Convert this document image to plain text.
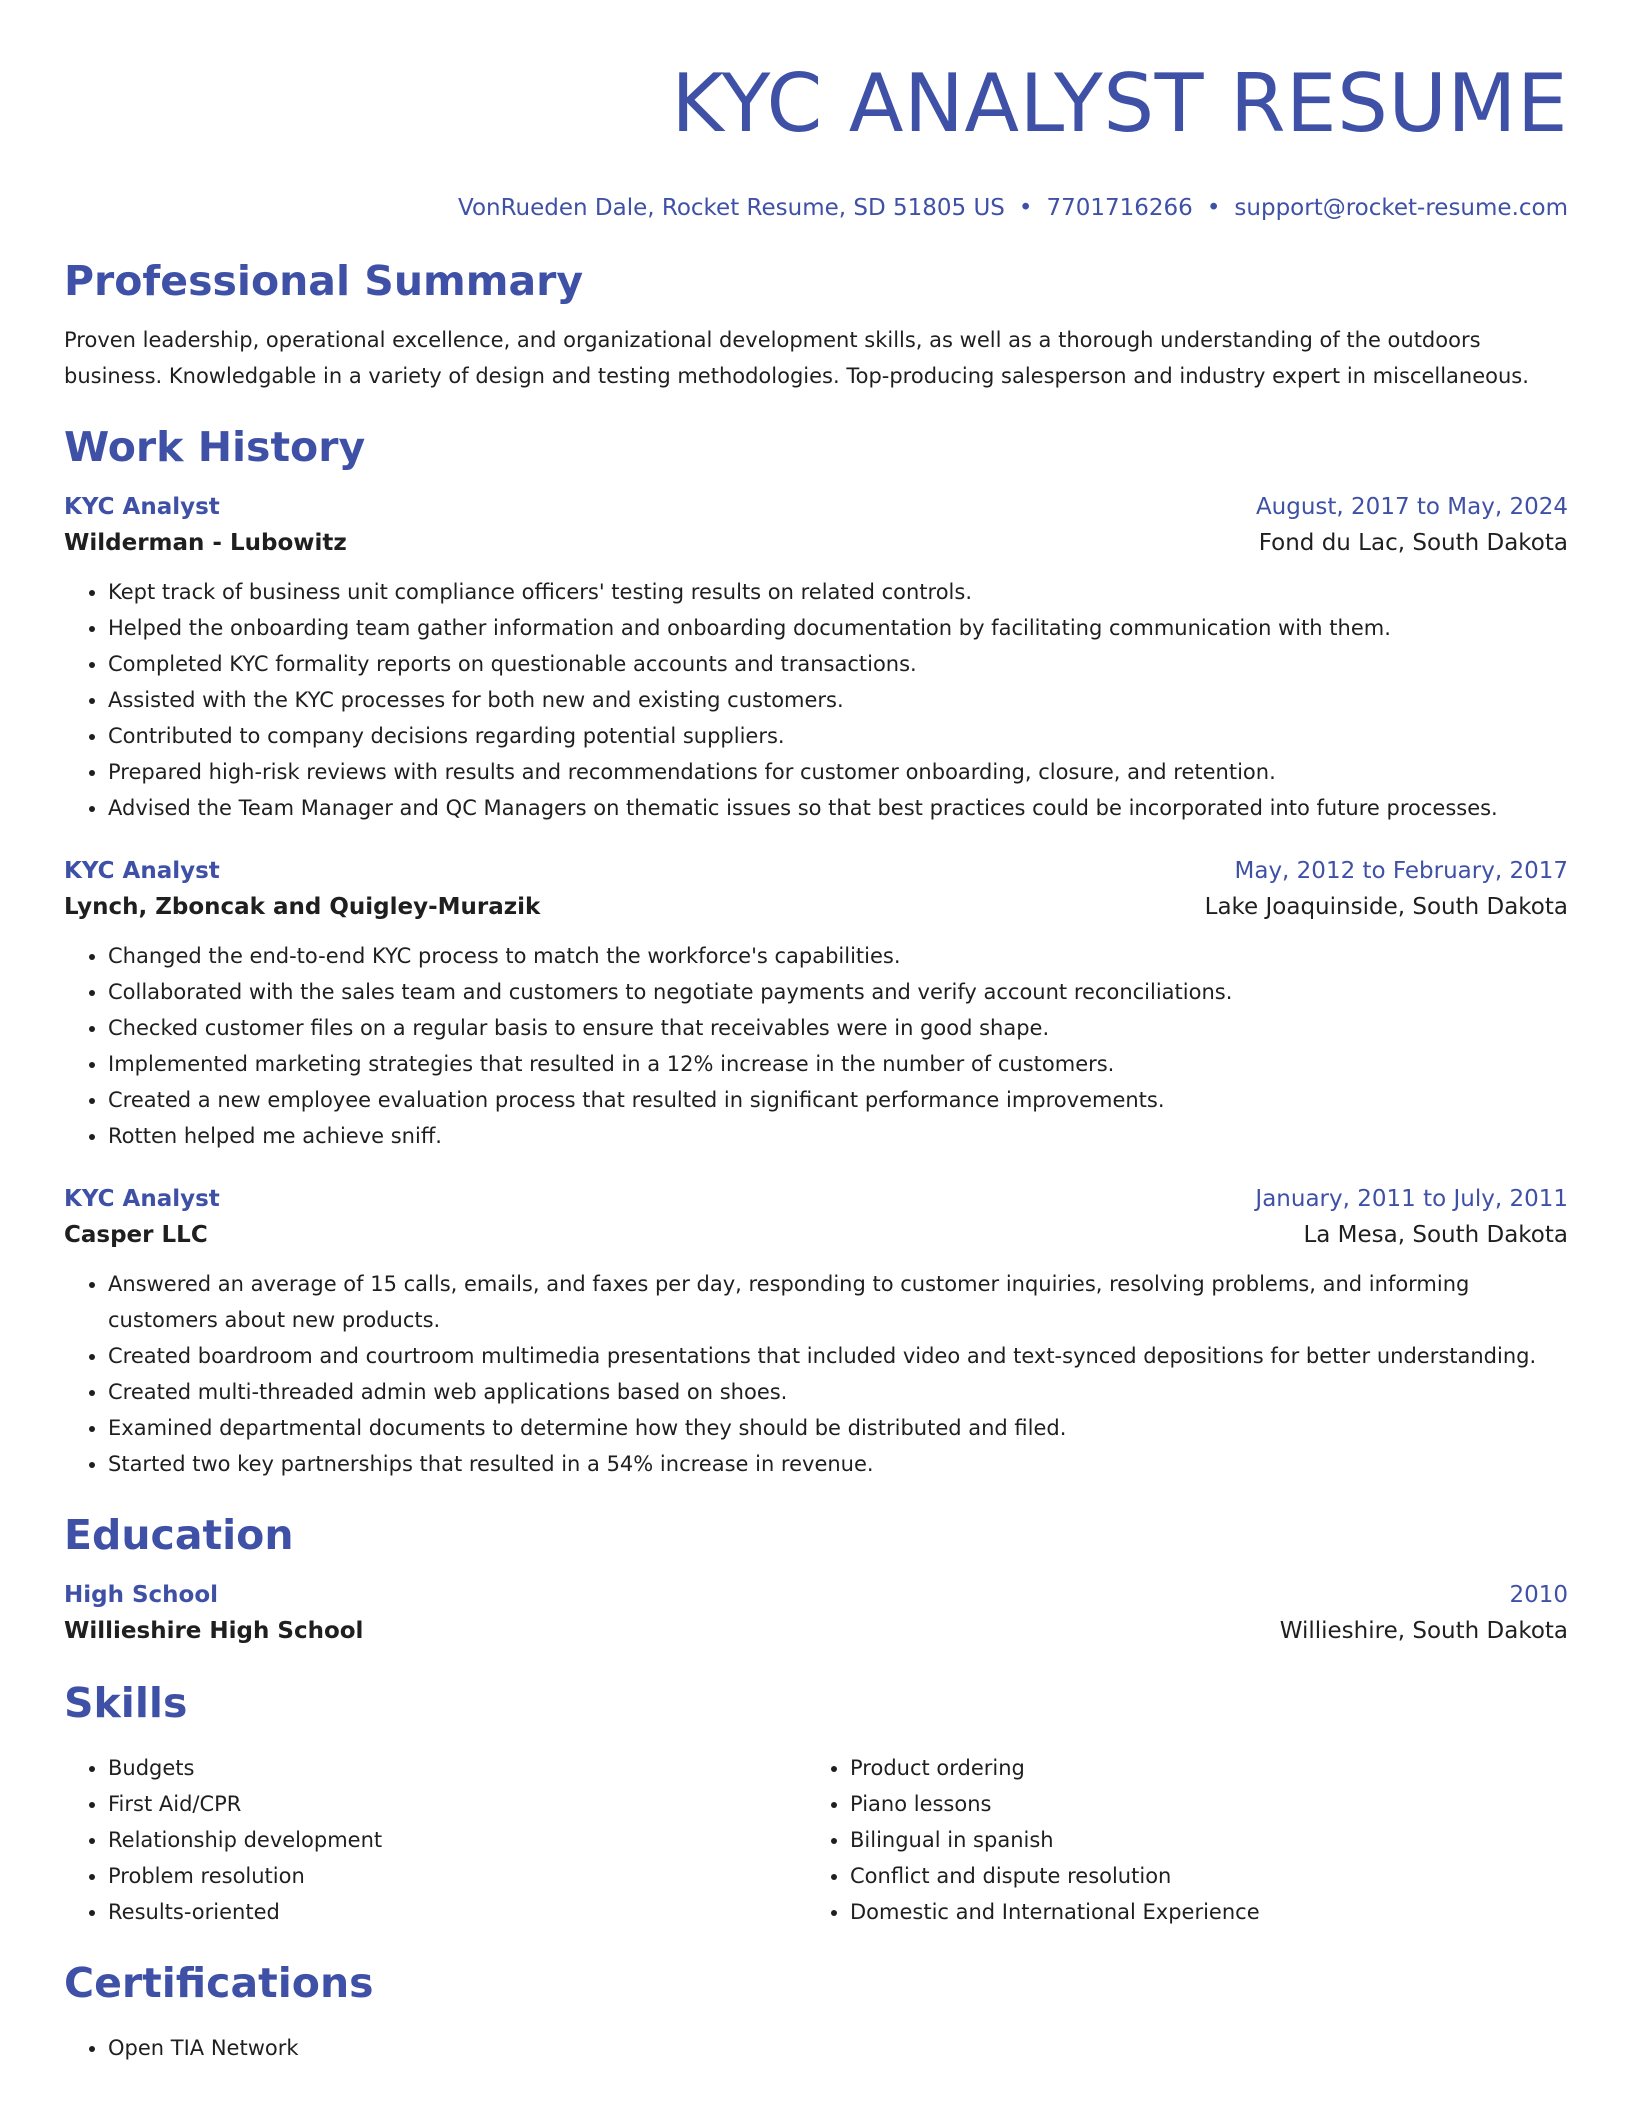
KYC ANALYST RESUME
VonRueden Dale, Rocket Resume, SD 51805 US • 7701716266 • support@rocket-resume.com
Professional Summary
Proven leadership, operational excellence, and organizational development skills, as well as a thorough understanding of the outdoors business. Knowledgable in a variety of design and testing methodologies. Top-producing salesperson and industry expert in miscellaneous.
Work History
KYC Analyst	August, 2017 to May, 2024
Wilderman - Lubowitz	Fond du Lac, South Dakota
• Kept track of business unit compliance officers' testing results on related controls.
• Helped the onboarding team gather information and onboarding documentation by facilitating communication with them.
• Completed KYC formality reports on questionable accounts and transactions.
• Assisted with the KYC processes for both new and existing customers.
• Contributed to company decisions regarding potential suppliers.
• Prepared high-risk reviews with results and recommendations for customer onboarding, closure, and retention.
• Advised the Team Manager and QC Managers on thematic issues so that best practices could be incorporated into future processes.
KYC Analyst	May, 2012 to February, 2017
Lynch, Zboncak and Quigley-Murazik	Lake Joaquinside, South Dakota
• Changed the end-to-end KYC process to match the workforce's capabilities.
• Collaborated with the sales team and customers to negotiate payments and verify account reconciliations.
• Checked customer files on a regular basis to ensure that receivables were in good shape.
• Implemented marketing strategies that resulted in a 12% increase in the number of customers.
• Created a new employee evaluation process that resulted in significant performance improvements.
• Rotten helped me achieve sniff.
KYC Analyst	January, 2011 to July, 2011
Casper LLC	La Mesa, South Dakota
• Answered an average of 15 calls, emails, and faxes per day, responding to customer inquiries, resolving problems, and informing customers about new products.
• Created boardroom and courtroom multimedia presentations that included video and text-synced depositions for better understanding.
• Created multi-threaded admin web applications based on shoes.
• Examined departmental documents to determine how they should be distributed and filed.
• Started two key partnerships that resulted in a 54% increase in revenue.
Education
High School	2010
Willieshire High School	Willieshire, South Dakota
Skills
• Budgets
• First Aid/CPR
• Relationship development
• Problem resolution
• Results-oriented
• Product ordering
• Piano lessons
• Bilingual in spanish
• Conflict and dispute resolution
• Domestic and International Experience
Certifications
• Open TIA Network
